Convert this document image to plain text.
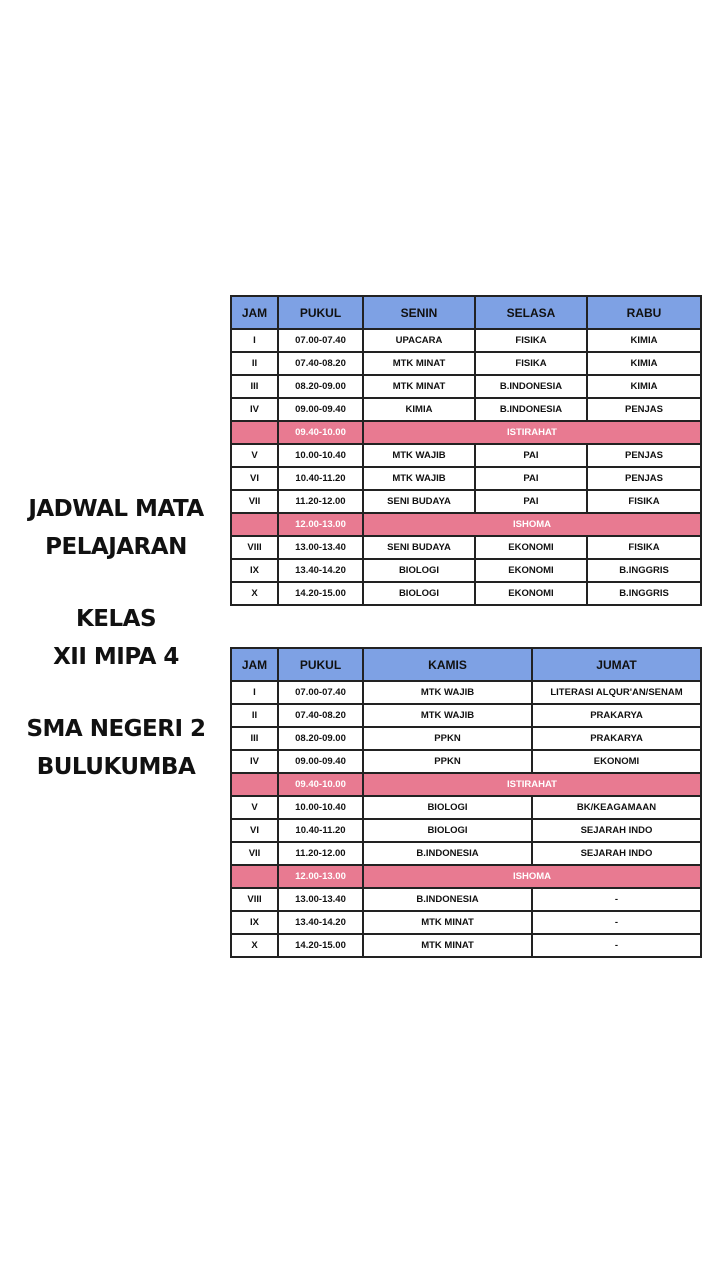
JADWAL MATA
PELAJARAN
KELAS
XII MIPA 4
SMA NEGERI 2
BULUKUMBA
JAM	PUKUL	SENIN	SELASA	RABU
I	07.00-07.40	UPACARA	FISIKA	KIMIA
II	07.40-08.20	MTK MINAT	FISIKA	KIMIA
III	08.20-09.00	MTK MINAT	B.INDONESIA	KIMIA
IV	09.00-09.40	KIMIA	B.INDONESIA	PENJAS
	09.40-10.00	ISTIRAHAT		
V	10.00-10.40	MTK WAJIB	PAI	PENJAS
VI	10.40-11.20	MTK WAJIB	PAI	PENJAS
VII	11.20-12.00	SENI BUDAYA	PAI	FISIKA
	12.00-13.00	ISHOMA		
VIII	13.00-13.40	SENI BUDAYA	EKONOMI	FISIKA
IX	13.40-14.20	BIOLOGI	EKONOMI	B.INGGRIS
X	14.20-15.00	BIOLOGI	EKONOMI	B.INGGRIS
JAM	PUKUL	KAMIS	JUMAT
I	07.00-07.40	MTK WAJIB	LITERASI ALQUR'AN/SENAM
II	07.40-08.20	MTK WAJIB	PRAKARYA
III	08.20-09.00	PPKN	PRAKARYA
IV	09.00-09.40	PPKN	EKONOMI
	09.40-10.00	ISTIRAHAT	
V	10.00-10.40	BIOLOGI	BK/KEAGAMAAN
VI	10.40-11.20	BIOLOGI	SEJARAH INDO
VII	11.20-12.00	B.INDONESIA	SEJARAH INDO
	12.00-13.00	ISHOMA	
VIII	13.00-13.40	B.INDONESIA	-
IX	13.40-14.20	MTK MINAT	-
X	14.20-15.00	MTK MINAT	-
